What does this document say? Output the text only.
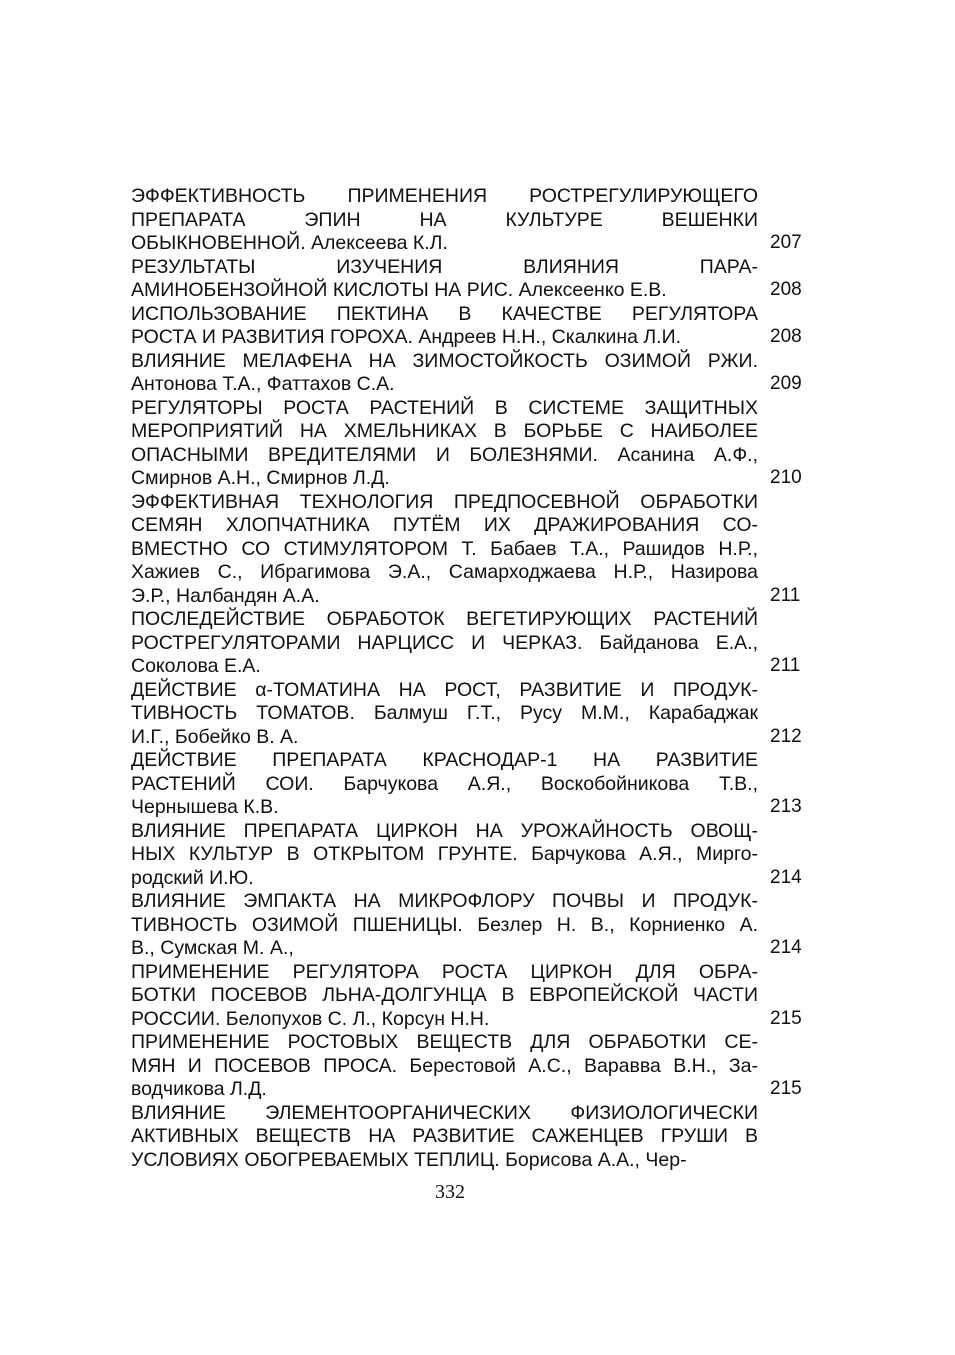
ЭФФЕКТИВНОСТЬ ПРИМЕНЕНИЯ РОСТРЕГУЛИРУЮЩЕГО
ПРЕПАРАТА ЭПИН НА КУЛЬТУРЕ ВЕШЕНКИ
ОБЫКНОВЕННОЙ. Алексеева К.Л.	207
РЕЗУЛЬТАТЫ ИЗУЧЕНИЯ ВЛИЯНИЯ ПАРА-
АМИНОБЕНЗОЙНОЙ КИСЛОТЫ НА РИС. Алексеенко Е.В.	208
ИСПОЛЬЗОВАНИЕ ПЕКТИНА В КАЧЕСТВЕ РЕГУЛЯТОРА
РОСТА И РАЗВИТИЯ ГОРОХА. Андреев Н.Н., Скалкина Л.И.	208
ВЛИЯНИЕ МЕЛАФЕНА НА ЗИМОСТОЙКОСТЬ ОЗИМОЙ РЖИ.
Антонова Т.А., Фаттахов С.А.	209
РЕГУЛЯТОРЫ РОСТА РАСТЕНИЙ В СИСТЕМЕ ЗАЩИТНЫХ
МЕРОПРИЯТИЙ НА ХМЕЛЬНИКАХ В БОРЬБЕ С НАИБОЛЕЕ
ОПАСНЫМИ ВРЕДИТЕЛЯМИ И БОЛЕЗНЯМИ. Асанина А.Ф.,
Смирнов А.Н., Смирнов Л.Д.	210
ЭФФЕКТИВНАЯ ТЕХНОЛОГИЯ ПРЕДПОСЕВНОЙ ОБРАБОТКИ
СЕМЯН ХЛОПЧАТНИКА ПУТЁМ ИХ ДРАЖИРОВАНИЯ СО-
ВМЕСТНО СО СТИМУЛЯТОРОМ Т. Бабаев Т.А., Рашидов Н.Р.,
Хажиев С., Ибрагимова Э.А., Самарходжаева Н.Р., Назирова
Э.Р., Налбандян А.А.	211
ПОСЛЕДЕЙСТВИЕ ОБРАБОТОК ВЕГЕТИРУЮЩИХ РАСТЕНИЙ
РОСТРЕГУЛЯТОРАМИ НАРЦИСС И ЧЕРКАЗ. Байданова Е.А.,
Соколова Е.А.	211
ДЕЙСТВИЕ α-ТОМАТИНА НА РОСТ, РАЗВИТИЕ И ПРОДУК-
ТИВНОСТЬ ТОМАТОВ. Балмуш Г.Т., Русу М.М., Карабаджак
И.Г., Бобейко В. А.	212
ДЕЙСТВИЕ ПРЕПАРАТА КРАСНОДАР-1 НА РАЗВИТИЕ
РАСТЕНИЙ СОИ. Барчукова А.Я., Воскобойникова Т.В.,
Чернышева К.В.	213
ВЛИЯНИЕ ПРЕПАРАТА ЦИРКОН НА УРОЖАЙНОСТЬ ОВОЩ-
НЫХ КУЛЬТУР В ОТКРЫТОМ ГРУНТЕ. Барчукова А.Я., Мирго-
родский И.Ю.	214
ВЛИЯНИЕ ЭМПАКТА НА МИКРОФЛОРУ ПОЧВЫ И ПРОДУК-
ТИВНОСТЬ ОЗИМОЙ ПШЕНИЦЫ. Безлер Н. В., Корниенко А.
В., Сумская М. А.,	214
ПРИМЕНЕНИЕ РЕГУЛЯТОРА РОСТА ЦИРКОН ДЛЯ ОБРА-
БОТКИ ПОСЕВОВ ЛЬНА-ДОЛГУНЦА В ЕВРОПЕЙСКОЙ ЧАСТИ
РОССИИ. Белопухов С. Л., Корсун Н.Н.	215
ПРИМЕНЕНИЕ РОСТОВЫХ ВЕЩЕСТВ ДЛЯ ОБРАБОТКИ СЕ-
МЯН И ПОСЕВОВ ПРОСА. Берестовой А.С., Варавва В.Н., За-
водчикова Л.Д.	215
ВЛИЯНИЕ ЭЛЕМЕНТООРГАНИЧЕСКИХ ФИЗИОЛОГИЧЕСКИ
АКТИВНЫХ ВЕЩЕСТВ НА РАЗВИТИЕ САЖЕНЦЕВ ГРУШИ В
УСЛОВИЯХ ОБОГРЕВАЕМЫХ ТЕПЛИЦ. Борисова А.А., Чер-
332
